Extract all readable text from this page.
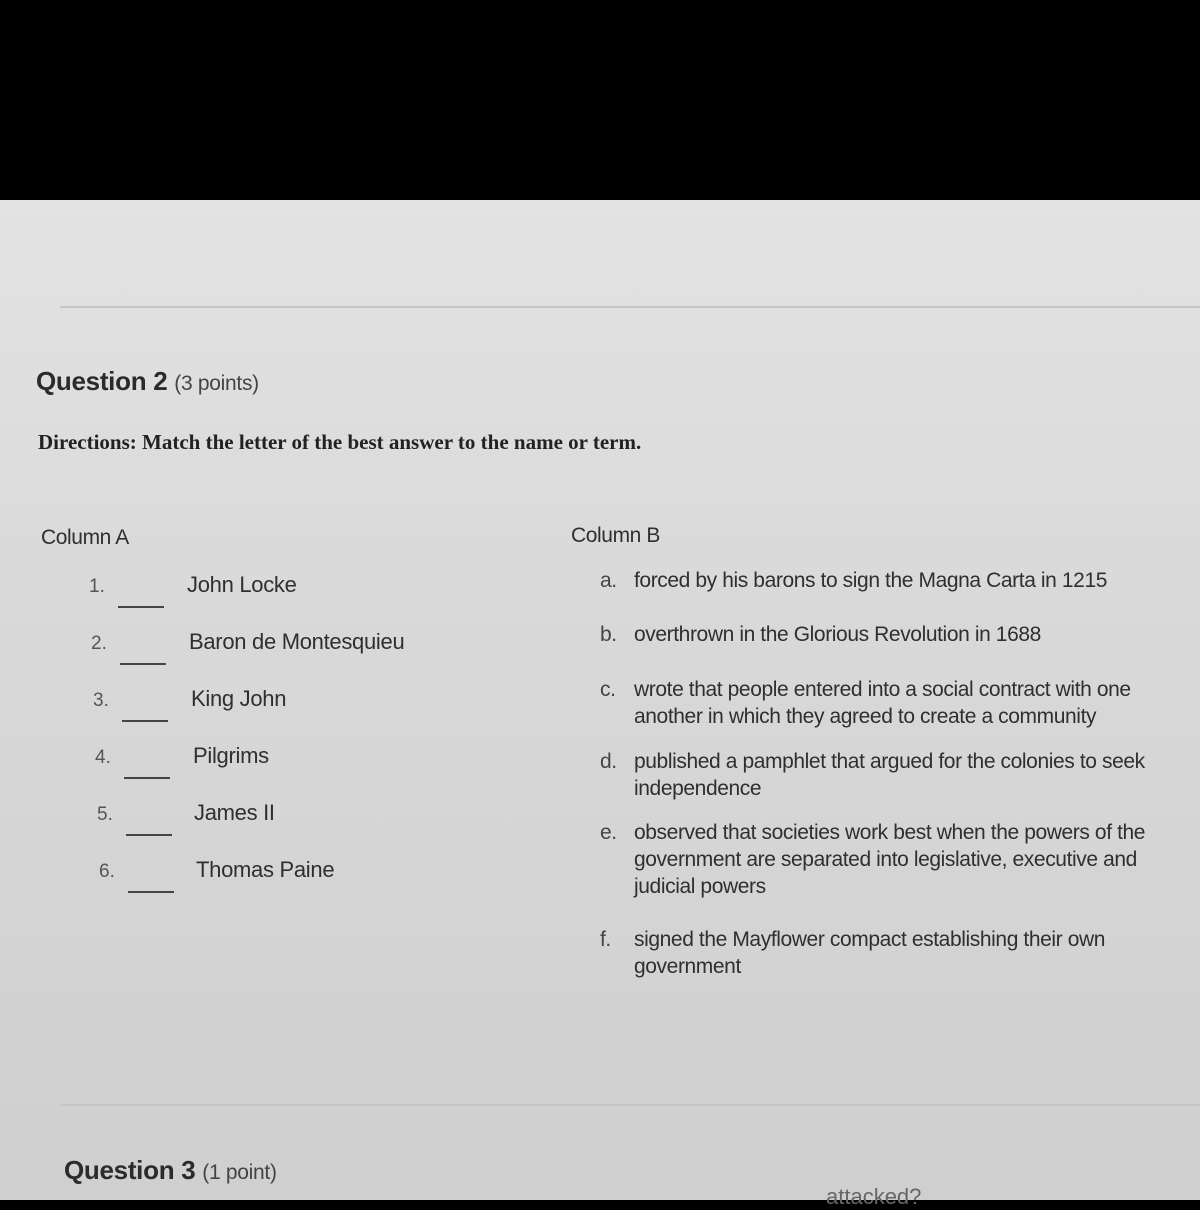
Question 2 (3 points)
Directions: Match the letter of the best answer to the name or term.
Column A	Column B
1.	John Locke
2.	Baron de Montesquieu
3.	King John
4.	Pilgrims
5.	James II
6.	Thomas Paine
a. forced by his barons to sign the Magna Carta in 1215
b. overthrown in the Glorious Revolution in 1688
c. wrote that people entered into a social contract with one another in which they agreed to create a community
d. published a pamphlet that argued for the colonies to seek independence
e. observed that societies work best when the powers of the government are separated into legislative, executive and judicial powers
f. signed the Mayflower compact establishing their own government
Question 3 (1 point)
attacked?
